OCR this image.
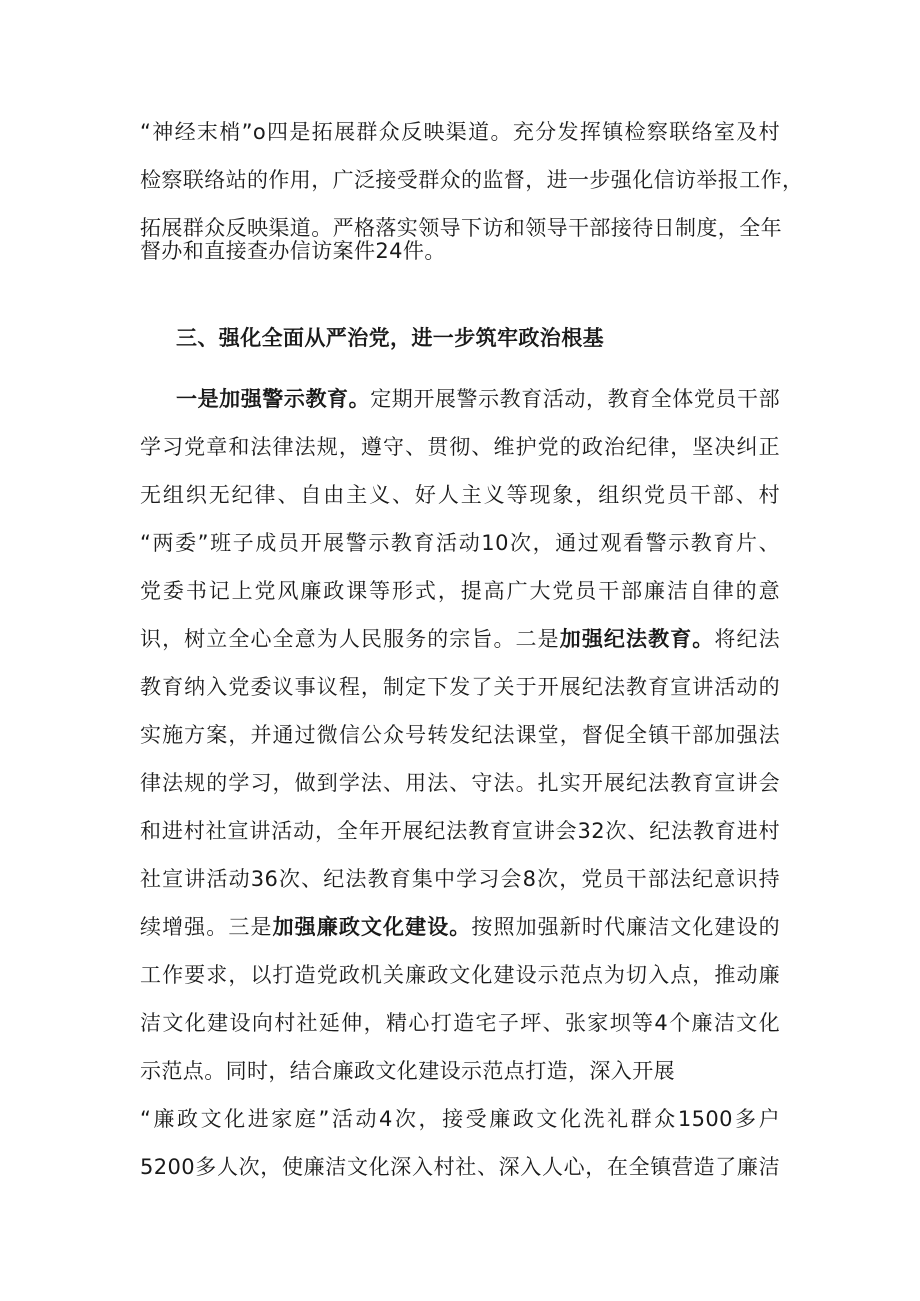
“神经末梢”o四是拓展群众反映渠道。充分发挥镇检察联络室及村
检察联络站的作用，广泛接受群众的监督，进一步强化信访举报工作，
拓展群众反映渠道。严格落实领导下访和领导干部接待日制度，全年
督办和直接查办信访案件24件。
三、强化全面从严治党，进一步筑牢政治根基
一是加强警示教育。定期开展警示教育活动，教育全体党员干部
学习党章和法律法规，遵守、贯彻、维护党的政治纪律，坚决纠正
无组织无纪律、自由主义、好人主义等现象，组织党员干部、村
“两委”班子成员开展警示教育活动10次，通过观看警示教育片、
党委书记上党风廉政课等形式，提高广大党员干部廉洁自律的意
识，树立全心全意为人民服务的宗旨。二是加强纪法教育。将纪法
教育纳入党委议事议程，制定下发了关于开展纪法教育宣讲活动的
实施方案，并通过微信公众号转发纪法课堂，督促全镇干部加强法
律法规的学习，做到学法、用法、守法。扎实开展纪法教育宣讲会
和进村社宣讲活动，全年开展纪法教育宣讲会32次、纪法教育进村
社宣讲活动36次、纪法教育集中学习会8次，党员干部法纪意识持
续增强。三是加强廉政文化建设。按照加强新时代廉洁文化建设的
工作要求，以打造党政机关廉政文化建设示范点为切入点，推动廉
洁文化建设向村社延伸，精心打造宅子坪、张家坝等4个廉洁文化
示范点。同时，结合廉政文化建设示范点打造，深入开展
“廉政文化进家庭”活动4次，接受廉政文化洗礼群众1500多户
5200多人次，使廉洁文化深入村社、深入人心，在全镇营造了廉洁
